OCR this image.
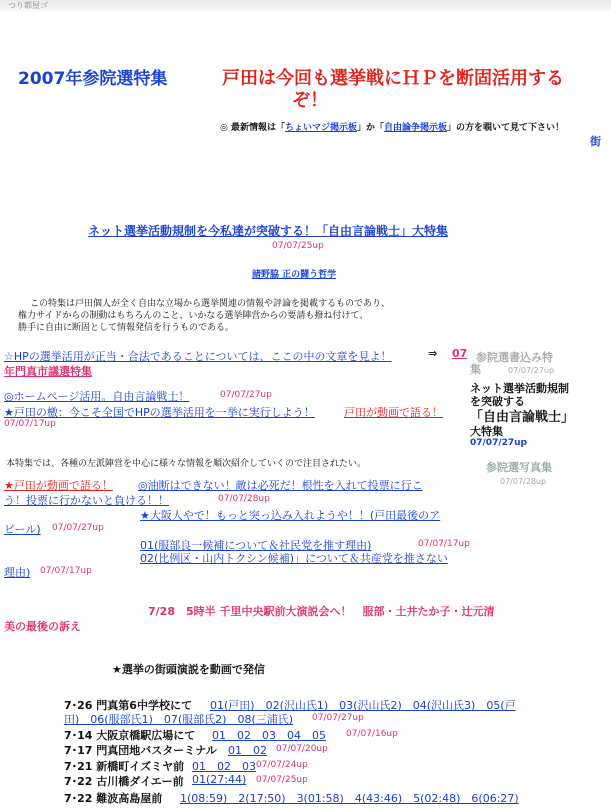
つり都屋ゴ
2007年参院選特集	戸田は今回も選挙戦にＨＰを断固活用する
ぞ！
◎ 最新情報は「ちょいマジ掲示板」か「自由論争掲示板」の方を覗いて見て下さい！
街
ネット選挙活動規制を今私達が突破する！「自由言論戦士」大特集
07/07/25up
諸野脇 正の闘う哲学
この特集は戸田個人が全く自由な立場から選挙関連の情報や評論を掲載するものであり、
権力サイドからの制動はもちろんのこと、いかなる選挙陣営からの要請も撥ね付けて、
勝手に自由に断固として情報発信を行うものである。
☆HPの選挙活用が正当・合法であることについては、ここの中の文章を見よ！	⇒ 07
年門真市議選特集
◎ホームページ活用。自由言論戦士！	07/07/27up
★戸田の檄：今こそ全国でHPの選挙活用を一挙に実行しよう！	戸田が動画で語る！
07/07/17up
本特集では、各種の左派陣営を中心に様々な情報を順次紹介していくので注目されたい。
★戸田が動画で語る！ ◎油断はできない！敵は必死だ！根性を入れて投票に行こ
う！投票に行かないと負ける！！	07/07/28up
★大阪人やで！もっと突っ込み入れようや！！(戸田最後のア
ピール) 07/07/27up
01(服部良一候補について＆社民党を推す理由)	07/07/17up
02(比例区・山内トクシン候補)」について＆共産党を推さない
理由) 07/07/17up
参院選書込み特
集	07/07/27up
ネット選挙活動規制
を突破する
「自由言論戦士」
大特集
07/07/27up
参院選写真集
07/07/28up
7/28　5時半 千里中央駅前大演説会へ！　服部・土井たか子・辻元清
美の最後の訴え
★選挙の街頭演説を動画で発信
7･26 門真第6中学校にて 01(戸田)　02(沢山氏1)　03(沢山氏2)　04(沢山氏3)　05(戸
田)　06(服部氏1)　07(服部氏2)　08(三浦氏) 07/07/27up
7･14 大阪京橋駅広場にて 01　02　03　04　05 07/07/16up
7･17 門真団地バスターミナル 01　02 07/07/20up
7･21 新橋町イズミヤ前 01　02　03 07/07/24up
7･22 古川橋ダイエー前 01(27:44) 07/07/25up
7･22 難波高島屋前 1(08:59)　2(17:50)　3(01:58)　4(43:46)　5(02:48)　6(06:27)
